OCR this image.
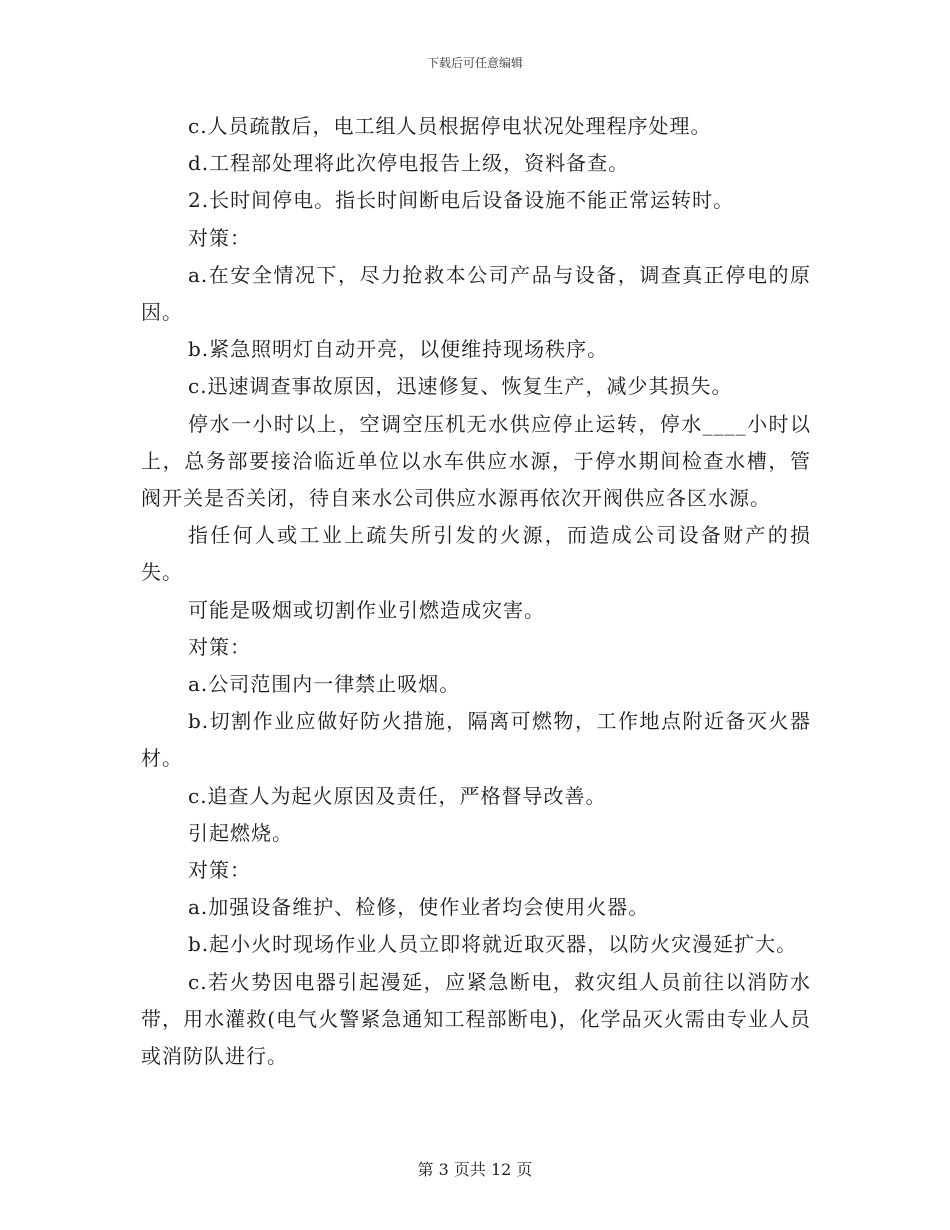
下载后可任意编辑

c.人员疏散后，电工组人员根据停电状况处理程序处理。

d.工程部处理将此次停电报告上级，资料备查。

2.长时间停电。指长时间断电后设备设施不能正常运转时。

对策：

a.在安全情况下，尽力抢救本公司产品与设备，调查真正停电的原因。

b.紧急照明灯自动开亮，以便维持现场秩序。

c.迅速调查事故原因，迅速修复、恢复生产，减少其损失。

停水一小时以上，空调空压机无水供应停止运转，停水____小时以上，总务部要接洽临近单位以水车供应水源，于停水期间检查水槽，管阀开关是否关闭，待自来水公司供应水源再依次开阀供应各区水源。

指任何人或工业上疏失所引发的火源，而造成公司设备财产的损失。

可能是吸烟或切割作业引燃造成灾害。

对策：

a.公司范围内一律禁止吸烟。

b.切割作业应做好防火措施，隔离可燃物，工作地点附近备灭火器材。

c.追查人为起火原因及责任，严格督导改善。

引起燃烧。

对策：

a.加强设备维护、检修，使作业者均会使用火器。

b.起小火时现场作业人员立即将就近取灭器，以防火灾漫延扩大。

c.若火势因电器引起漫延，应紧急断电，救灾组人员前往以消防水带，用水灌救(电气火警紧急通知工程部断电)，化学品灭火需由专业人员或消防队进行。

第 3 页共 12 页
